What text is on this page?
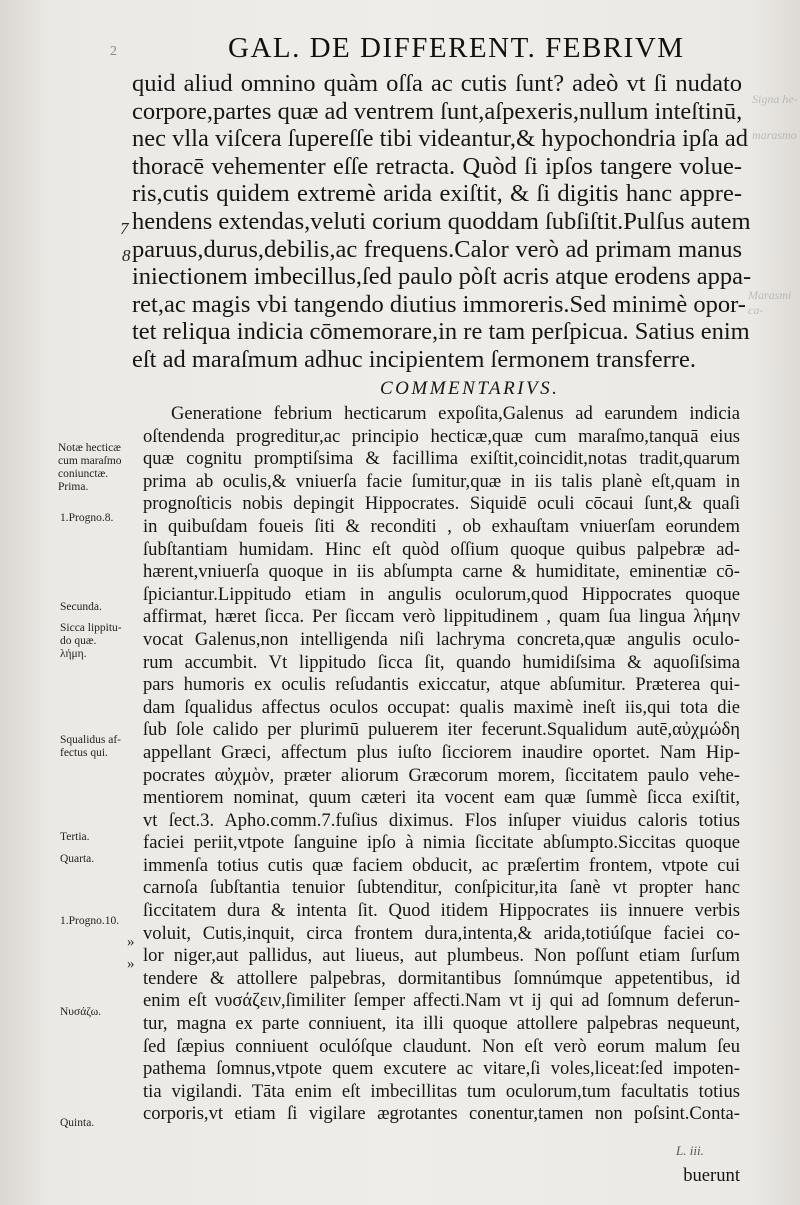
Signa he-
marasmo
Marasmi ca-
2	GAL. DE DIFFERENT. FEBRIVM
quid aliud omnino quàm oſſa ac cutis ſunt? adeò vt ſi nudato
corpore,partes quæ ad ventrem ſunt,aſpexeris,nullum inteſtinū,
nec vlla viſcera ſupereſſe tibi videantur,& hypochondria ipſa ad
thoracē vehementer eſſe retracta. Quòd ſi ipſos tangere volue-
ris,cutis quidem extremè arida exiſtit, & ſi digitis hanc appre-
hendens extendas,veluti corium quoddam ſubſiſtit.Pulſus autem
paruus,durus,debilis,ac frequens.Calor verò ad primam manus
iniectionem imbecillus,ſed paulo pòſt acris atque erodens appa-
ret,ac magis vbi tangendo diutius immoreris.Sed minimè opor-
tet reliqua indicia cōmemorare,in re tam perſpicua. Satius enim
eſt ad maraſmum adhuc incipientem ſermonem transferre.
7
8
COMMENTARIVS.
Generatione febrium hecticarum expoſita,Galenus ad earundem indicia
oſtendenda progreditur,ac principio hecticæ,quæ cum maraſmo,tanquā eius
quæ cognitu promptiſsima & facillima exiſtit,coincidit,notas tradit,quarum
prima ab oculis,& vniuerſa facie ſumitur,quæ in iis talis planè eſt,quam in
prognoſticis nobis depingit Hippocrates. Siquidē oculi cōcaui ſunt,& quaſi
in quibuſdam foueis ſiti & reconditi , ob exhauſtam vniuerſam eorundem
ſubſtantiam humidam. Hinc eſt quòd oſſium quoque quibus palpebræ ad-
hærent,vniuerſa quoque in iis abſumpta carne & humiditate, eminentiæ cō-
ſpiciantur.Lippitudo etiam in angulis oculorum,quod Hippocrates quoque
affirmat, hæret ſicca. Per ſiccam verò lippitudinem , quam ſua lingua λήμην
vocat Galenus,non intelligenda niſi lachryma concreta,quæ angulis oculo-
rum accumbit. Vt lippitudo ſicca ſit, quando humidiſsima & aquoſiſsima
pars humoris ex oculis reſudantis exiccatur, atque abſumitur. Præterea qui-
dam ſqualidus affectus oculos occupat: qualis maximè ineſt iis,qui tota die
ſub ſole calido per plurimū puluerem iter fecerunt.Squalidum autē,αὐχμώδη
appellant Græci, affectum plus iuſto ſicciorem inaudire oportet. Nam Hip-
pocrates αὐχμὸν, præter aliorum Græcorum morem, ſiccitatem paulo vehe-
mentiorem nominat, quum cæteri ita vocent eam quæ ſummè ſicca exiſtit,
vt ſect.3. Apho.comm.7.fuſius diximus. Flos inſuper viuidus caloris totius
faciei periit,vtpote ſanguine ipſo à nimia ſiccitate abſumpto.Siccitas quoque
immenſa totius cutis quæ faciem obducit, ac præſertim frontem, vtpote cui
carnoſa ſubſtantia tenuior ſubtenditur, conſpicitur,ita ſanè vt propter hanc
ſiccitatem dura & intenta ſit. Quod itidem Hippocrates iis innuere verbis
voluit, Cutis,inquit, circa frontem dura,intenta,& arida,totiúſque faciei co-
lor niger,aut pallidus, aut liueus, aut plumbeus. Non poſſunt etiam ſurſum
tendere & attollere palpebras, dormitantibus ſomnúmque appetentibus, id
enim eſt νυσάζειν,ſimiliter ſemper affecti.Nam vt ij qui ad ſomnum deferun-
tur, magna ex parte conniuent, ita illi quoque attollere palpebras nequeunt,
ſed ſæpius conniuent oculóſque claudunt. Non eſt verò eorum malum ſeu
pathema ſomnus,vtpote quem excutere ac vitare,ſi voles,liceat:ſed impoten-
tia vigilandi. Tāta enim eſt imbecillitas tum oculorum,tum facultatis totius
corporis,vt etiam ſi vigilare ægrotantes conentur,tamen non poſsint.Conta-
Notæ hecticæ
cum maraſmo
coniunctæ.
Prima.
1.Progno.8.
Secunda.
Sicca lippitu-
do quæ.
λήμη.
Squalidus af-
fectus qui.
Tertia.
Quarta.
1.Progno.10.
Νυσάζω.
Quinta.
»
»
L. iii.
buerunt
